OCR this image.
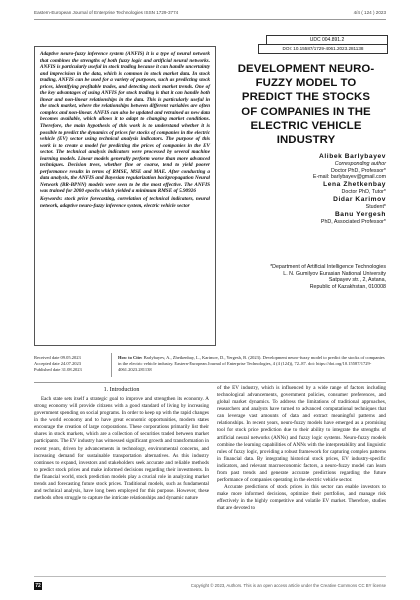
Eastern-European Journal of Enterprise Technologies ISSN 1729-3774	4/4 ( 124 ) 2023

Adaptive neuro-fuzzy inference system (ANFIS) it is a type of neural network that combines the strengths of both fuzzy logic and artificial neural networks. ANFIS is particularly useful in stock trading because it can handle uncertainty and imprecision in the data, which is common in stock market data. In stock trading, ANFIS can be used for a variety of purposes, such as predicting stock prices, identifying profitable trades, and detecting stock market trends. One of the key advantages of using ANFIS for stock trading is that it can handle both linear and non-linear relationships in the data. This is particularly useful in the stock market, where the relationships between different variables are often complex and non-linear. ANFIS can also be updated and retrained as new data becomes available, which allows it to adapt to changing market conditions. Therefore, the main hypothesis of this work is to understand whether it is possible to predict the dynamics of prices for stocks of companies in the electric vehicle (EV) sector using technical analysis indicators. The purpose of this work is to create a model for predicting the prices of companies in the EV sector. The technical analysis indicators were processed by several machine learning models. Linear models generally perform worse than more advanced techniques. Decision trees, whether fine or coarse, tend to yield poorer performance results in terms of RMSE, MSE and MAE. After conducting a data analysis, the ANFIS and Bayesian regularization backpropagation Neural Network (BR-BPNN) models were seen to be the most effective. The ANFIS was trained for 2000 epochs which yielded a minimum RMSE of 5.90926

Keywords: stock price forecasting, correlation of technical indicators, neural network, adaptive neuro-fuzzy inference system, electric vehicle sector

UDC 004.891.2
DOI: 10.15587/1729-4061.2023.281138
DEVELOPMENT NEURO-FUZZY MODEL TO PREDICT THE STOCKS OF COMPANIES IN THE ELECTRIC VEHICLE INDUSTRY
Alibek Barlybayev
Corresponding author
Doctor PhD, Professor*
E-mail: barlybayev@gmail.com
Lena Zhetkenbay
Doctor PhD, Tutor*
Didar Karimov
Student*
Banu Yergesh
PhD, Associated Professor*
*Department of Artificial Intelligence Technologies
L. N. Gumilyov Eurasian National University
Satpayev str., 2, Astana,
Republic of Kazakhstan, 010008
Received date 09.05.2023
Accepted date 24.07.2023
Published date 31.08.2023
How to Cite: Barlybayev, A., Zhetkenbay, L., Karimov, D., Yergesh, B. (2023). Development neuro-fuzzy model to predict the stocks of companies in the electric vehicle industry. Eastern-European Journal of Enterprise Technologies, 4 (4 (124)), 72–87. doi: https://doi.org/10.15587/1729-4061.2023.281138
1. Introduction

Each state sets itself a strategic goal to improve and strengthen its economy. A strong economy will provide citizens with a good standard of living by increasing government spending on social programs. In order to keep up with the rapid changes in the world economy and to have great economic opportunities, modern states encourage the creation of large corporations. These corporations primarily list their shares in stock markets, which are a collection of securities traded between market participants. The EV industry has witnessed significant growth and transformation in recent years, driven by advancements in technology, environmental concerns, and increasing demand for sustainable transportation alternatives. As this industry continues to expand, investors and stakeholders seek accurate and reliable methods to predict stock prices and make informed decisions regarding their investments. In the financial world, stock prediction models play a crucial role in analyzing market trends and forecasting future stock prices. Traditional models, such as fundamental and technical analysis, have long been employed for this purpose. However, these methods often struggle to capture the intricate relationships and dynamic nature

of the EV industry, which is influenced by a wide range of factors including technological advancements, government policies, consumer preferences, and global market dynamics. To address the limitations of traditional approaches, researchers and analysts have turned to advanced computational techniques that can leverage vast amounts of data and extract meaningful patterns and relationships. In recent years, neuro-fuzzy models have emerged as a promising tool for stock price prediction due to their ability to integrate the strengths of artificial neural networks (ANNs) and fuzzy logic systems. Neuro-fuzzy models combine the learning capabilities of ANNs with the interpretability and linguistic rules of fuzzy logic, providing a robust framework for capturing complex patterns in financial data. By integrating historical stock prices, EV industry-specific indicators, and relevant macroeconomic factors, a neuro-fuzzy model can learn from past trends and generate accurate predictions regarding the future performance of companies operating in the electric vehicle sector.

Accurate predictions of stock prices in this sector can enable investors to make more informed decisions, optimize their portfolios, and manage risk effectively in the highly competitive and volatile EV market. Therefore, studies that are devoted to

72	Copyright © 2023, Authors. This is an open access article under the Creative Commons CC BY license
